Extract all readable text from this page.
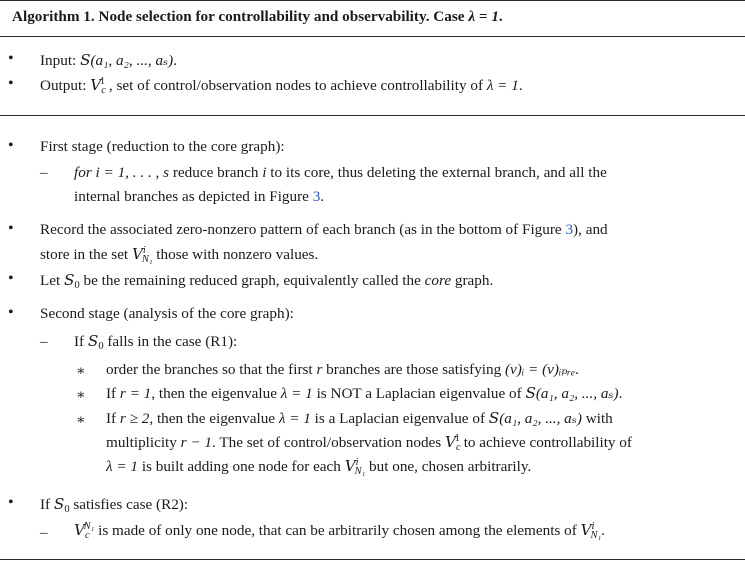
Algorithm 1. Node selection for controllability and observability. Case λ = 1.
• Input: S(a₁, a₂, ..., aₛ).
• Output: $V_c^1$ , set of control/observation nodes to achieve controllability of λ = 1.
• First stage (reduction to the core graph):
– for i = 1, . . . , s reduce branch i to its core, thus deleting the external branch, and all the
internal branches as depicted in Figure 3.
• Record the associated zero-nonzero pattern of each branch (as in the bottom of Figure 3), and
store in the set $V^i_{N_1}$ those with nonzero values.
• Let $S_0$ be the remaining reduced graph, equivalently called the core graph.
• Second stage (analysis of the core graph):
– If $S_0$ falls in the case (R1):
∗ order the branches so that the first r branches are those satisfying (v)ᵢ = (v)ᵢₚᵣₑ.
∗ If r = 1, then the eigenvalue λ = 1 is NOT a Laplacian eigenvalue of S(a₁, a₂, ..., aₛ).
∗ If r ≥ 2, then the eigenvalue λ = 1 is a Laplacian eigenvalue of S(a₁, a₂, ..., aₛ) with
multiplicity r − 1. The set of control/observation nodes $V_c^1$ to achieve controllability of
λ = 1 is built adding one node for each $V^i_{N_1}$ but one, chosen arbitrarily.
• If $S_0$ satisfies case (R2):
– $V_c^{N_1}$ is made of only one node, that can be arbitrarily chosen among the elements of $V^i_{N_1}$.
